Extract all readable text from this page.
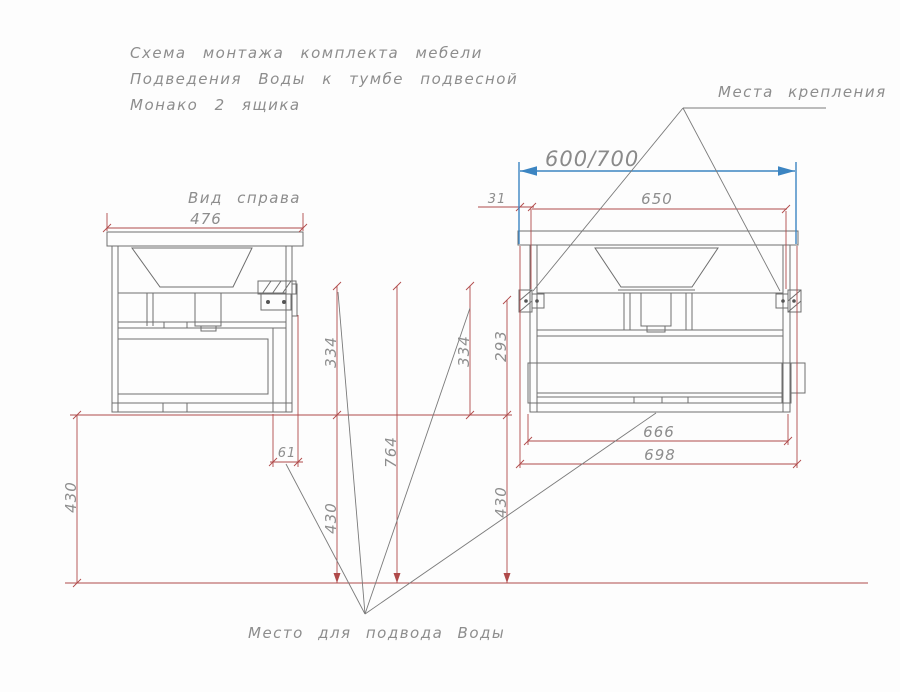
Схема монтажа комплекта мебели
Подведения Воды к тумбе подвесной
Монако 2 ящика
Места крепления
Вид справа
Место для подвода Воды
600/700
476
31	650
666
698
61
334
764
334 293
430
430
430
